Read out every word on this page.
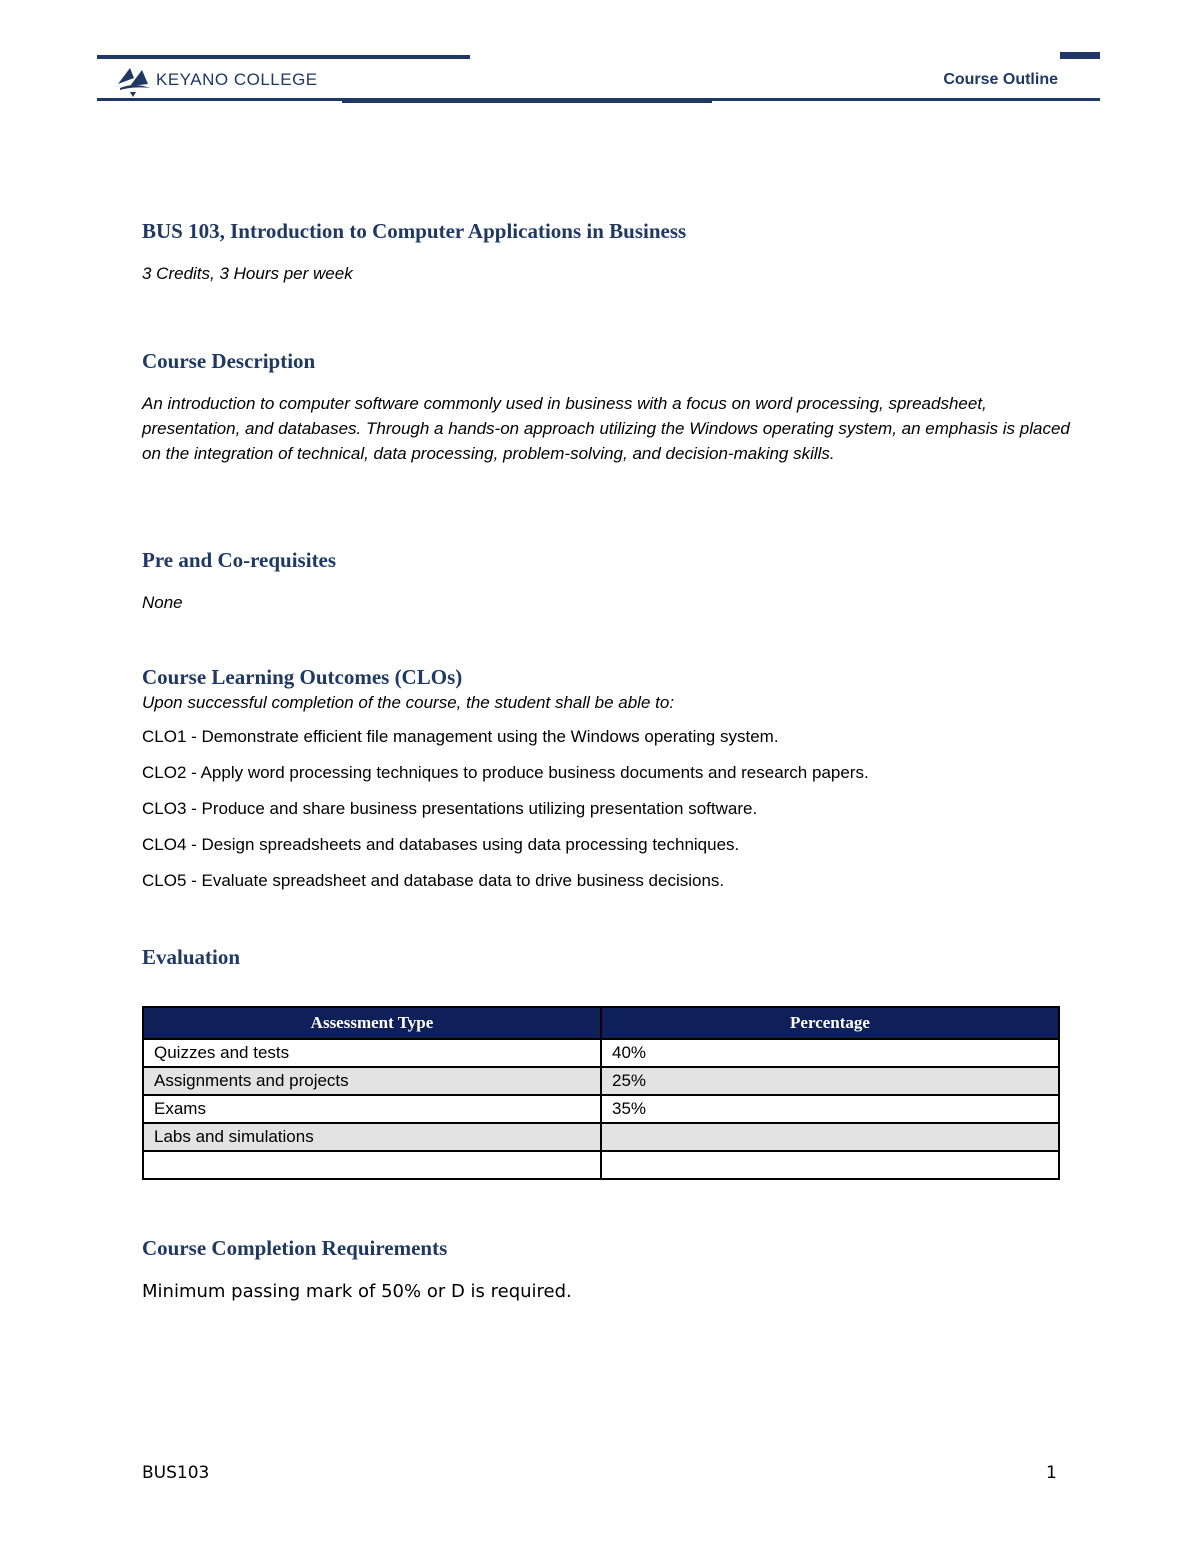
KEYANO COLLEGE	Course Outline
BUS 103, Introduction to Computer Applications in Business
3 Credits, 3 Hours per week
Course Description
An introduction to computer software commonly used in business with a focus on word processing, spreadsheet, presentation, and databases. Through a hands-on approach utilizing the Windows operating system, an emphasis is placed on the integration of technical, data processing, problem-solving, and decision-making skills.
Pre and Co-requisites
None
Course Learning Outcomes (CLOs)
Upon successful completion of the course, the student shall be able to:
CLO1 - Demonstrate efficient file management using the Windows operating system.
CLO2 - Apply word processing techniques to produce business documents and research papers.
CLO3 - Produce and share business presentations utilizing presentation software.
CLO4 - Design spreadsheets and databases using data processing techniques.
CLO5 - Evaluate spreadsheet and database data to drive business decisions.
Evaluation
Assessment Type	Percentage
Quizzes and tests	40%
Assignments and projects	25%
Exams	35%
Labs and simulations	

Course Completion Requirements
Minimum passing mark of 50% or D is required.
BUS103	1
